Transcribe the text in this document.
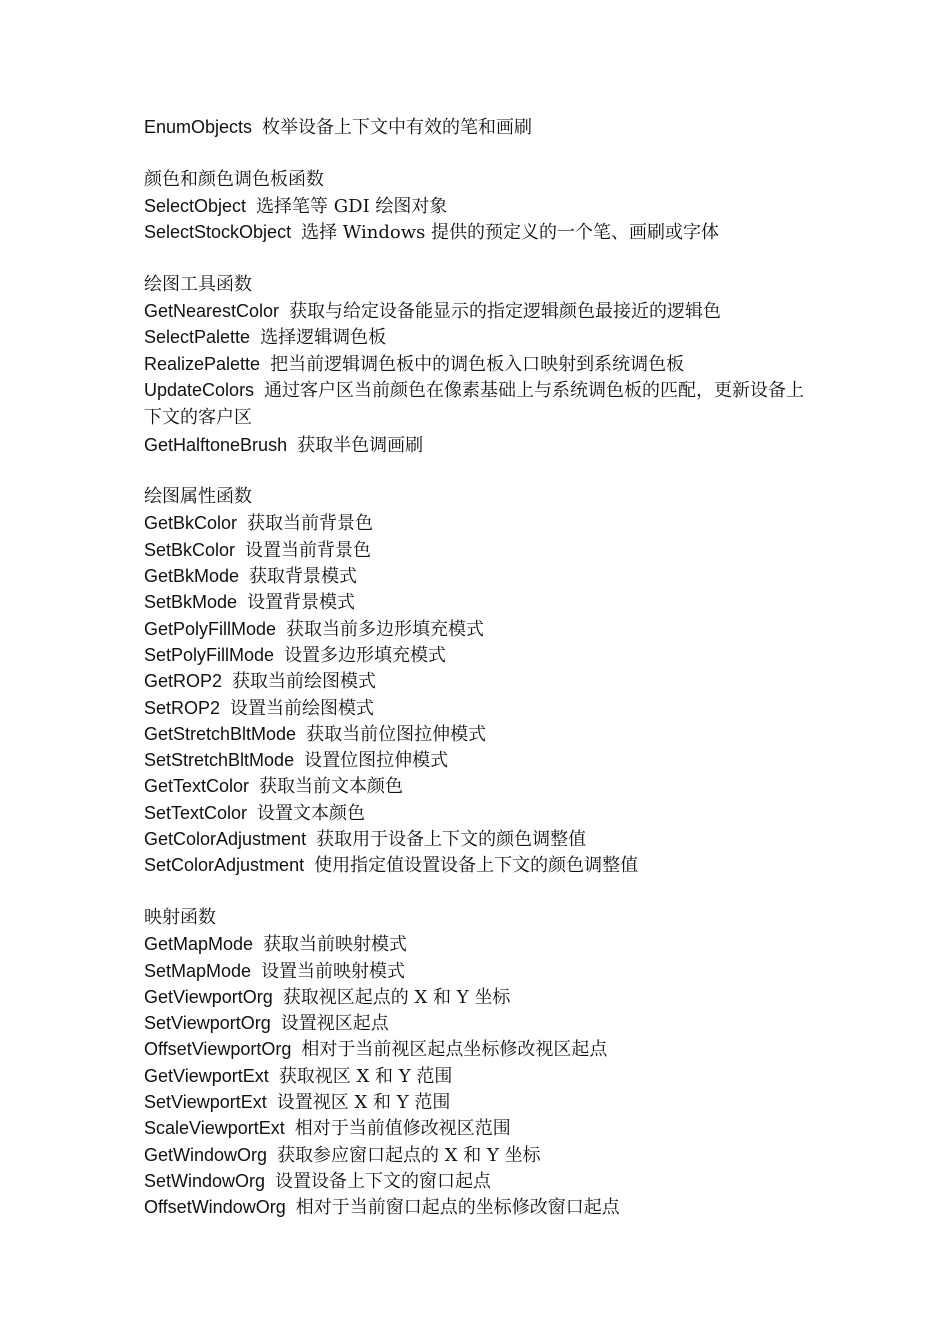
EnumObjects 枚举设备上下文中有效的笔和画刷
颜色和颜色调色板函数
SelectObject 选择笔等 GDI 绘图对象
SelectStockObject 选择 Windows 提供的预定义的一个笔、画刷或字体
绘图工具函数
GetNearestColor 获取与给定设备能显示的指定逻辑颜色最接近的逻辑色
SelectPalette 选择逻辑调色板
RealizePalette 把当前逻辑调色板中的调色板入口映射到系统调色板
UpdateColors 通过客户区当前颜色在像素基础上与系统调色板的匹配，更新设备上下文的客户区
GetHalftoneBrush 获取半色调画刷
绘图属性函数
GetBkColor 获取当前背景色
SetBkColor 设置当前背景色
GetBkMode 获取背景模式
SetBkMode 设置背景模式
GetPolyFillMode 获取当前多边形填充模式
SetPolyFillMode 设置多边形填充模式
GetROP2 获取当前绘图模式
SetROP2 设置当前绘图模式
GetStretchBltMode 获取当前位图拉伸模式
SetStretchBltMode 设置位图拉伸模式
GetTextColor 获取当前文本颜色
SetTextColor 设置文本颜色
GetColorAdjustment 获取用于设备上下文的颜色调整值
SetColorAdjustment 使用指定值设置设备上下文的颜色调整值
映射函数
GetMapMode 获取当前映射模式
SetMapMode 设置当前映射模式
GetViewportOrg 获取视区起点的 X 和 Y 坐标
SetViewportOrg 设置视区起点
OffsetViewportOrg 相对于当前视区起点坐标修改视区起点
GetViewportExt 获取视区 X 和 Y 范围
SetViewportExt 设置视区 X 和 Y 范围
ScaleViewportExt 相对于当前值修改视区范围
GetWindowOrg 获取参应窗口起点的 X 和 Y 坐标
SetWindowOrg 设置设备上下文的窗口起点
OffsetWindowOrg 相对于当前窗口起点的坐标修改窗口起点
